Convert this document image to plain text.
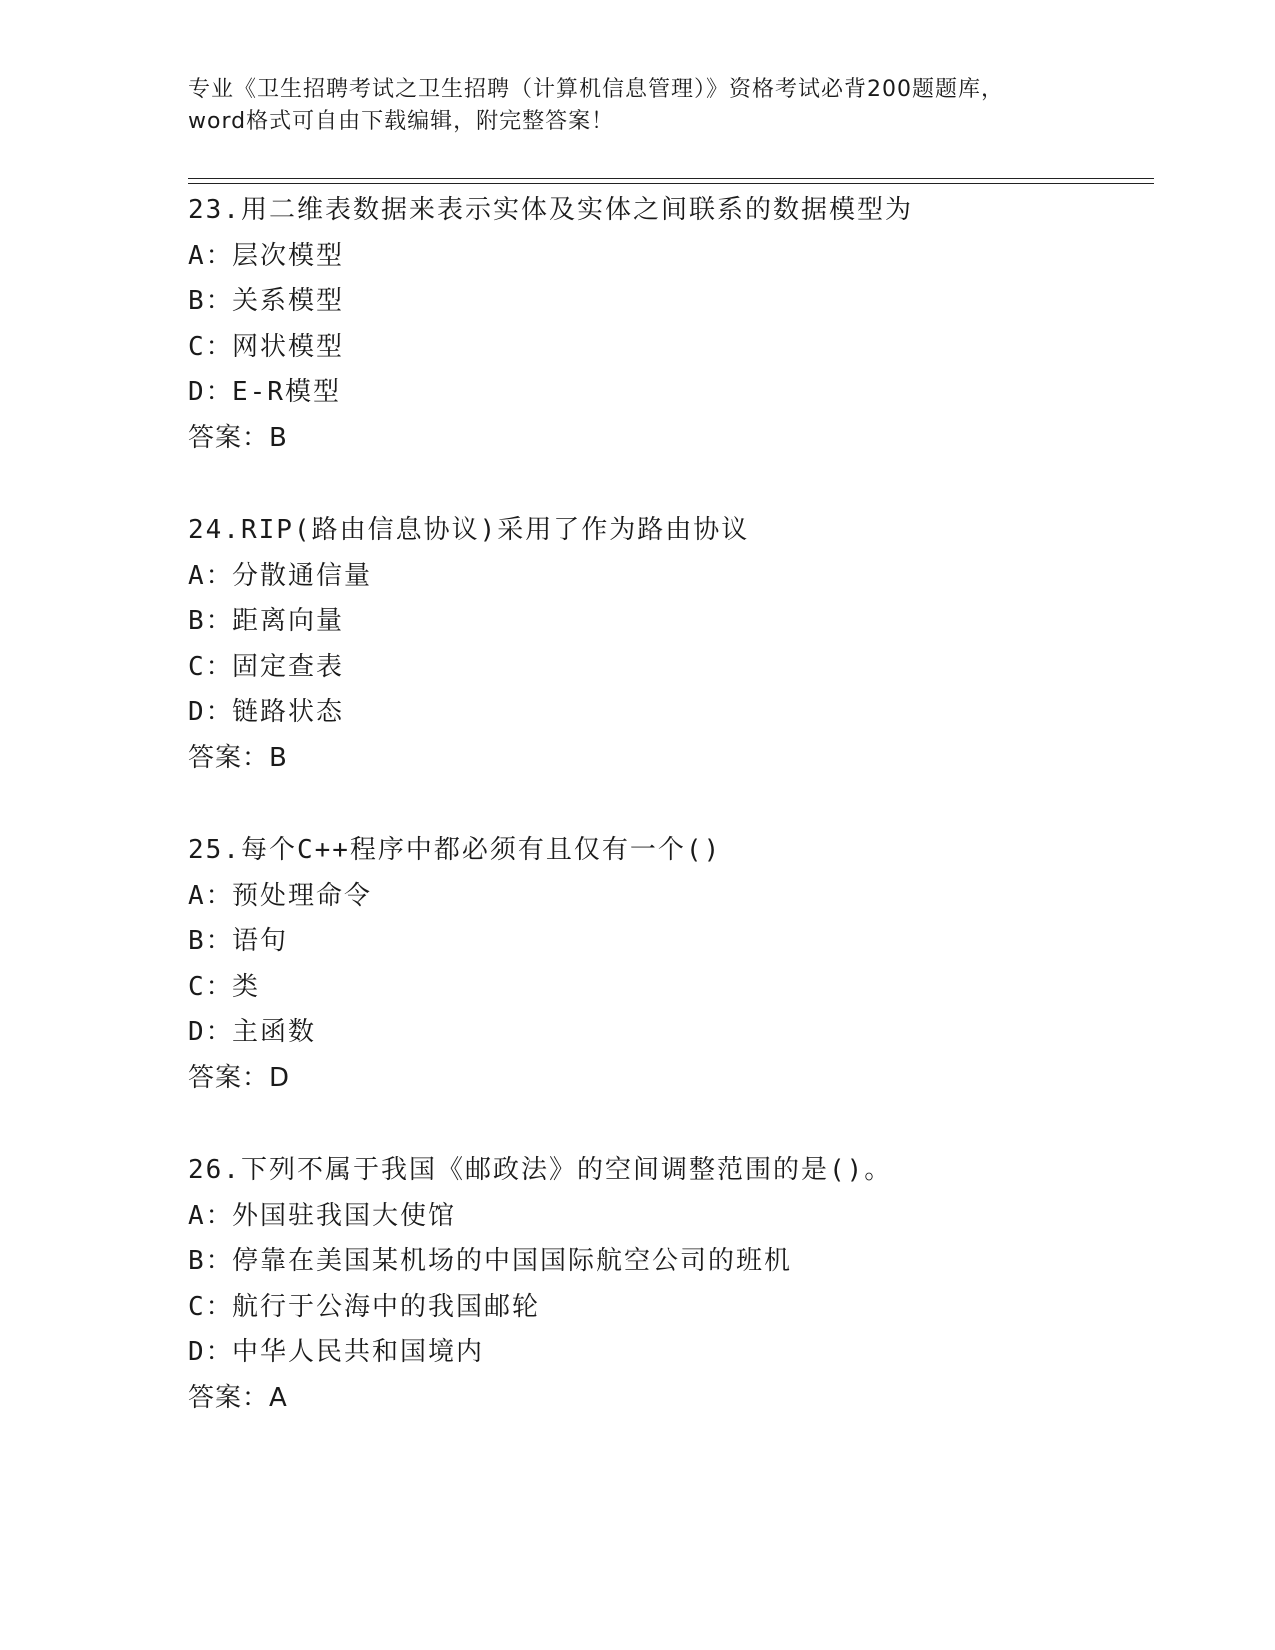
专业《卫生招聘考试之卫生招聘（计算机信息管理）》资格考试必背200题题库，
word格式可自由下载编辑，附完整答案！
23.用二维表数据来表示实体及实体之间联系的数据模型为
A：层次模型
B：关系模型
C：网状模型
D：E-R模型
答案：B
24.RIP(路由信息协议)采用了作为路由协议
A：分散通信量
B：距离向量
C：固定查表
D：链路状态
答案：B
25.每个C++程序中都必须有且仅有一个()
A：预处理命令
B：语句
C：类
D：主函数
答案：D
26.下列不属于我国《邮政法》的空间调整范围的是()。
A：外国驻我国大使馆
B：停靠在美国某机场的中国国际航空公司的班机
C：航行于公海中的我国邮轮
D：中华人民共和国境内
答案：A
